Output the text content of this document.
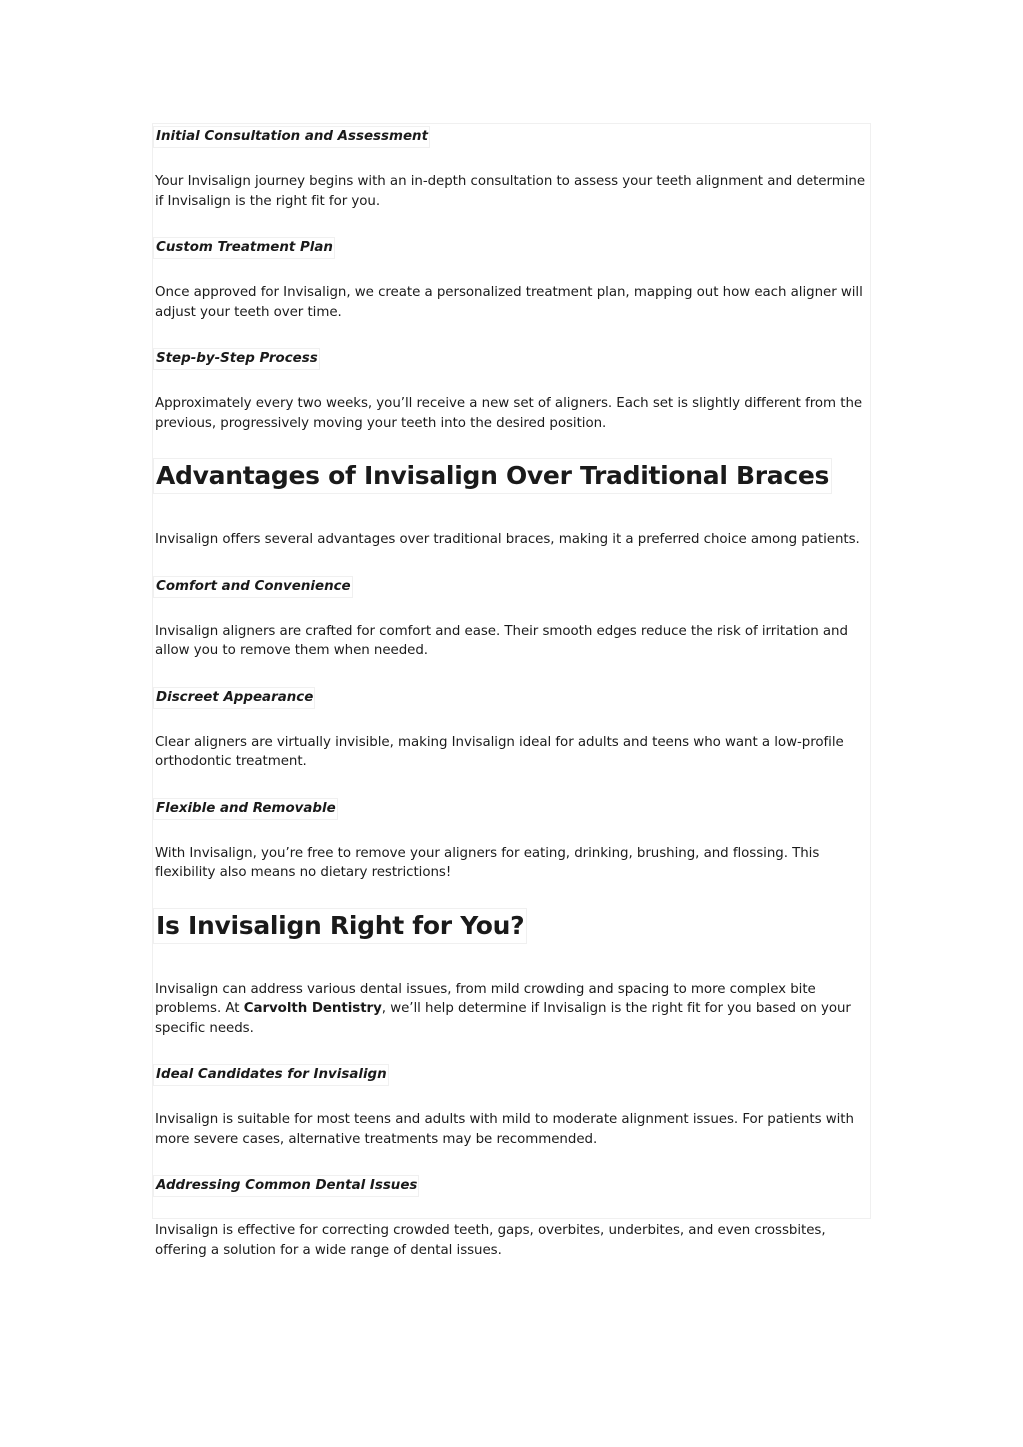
Initial Consultation and Assessment

Your Invisalign journey begins with an in-depth consultation to assess your teeth alignment and determine if Invisalign is the right fit for you.

Custom Treatment Plan

Once approved for Invisalign, we create a personalized treatment plan, mapping out how each aligner will adjust your teeth over time.

Step-by-Step Process

Approximately every two weeks, you’ll receive a new set of aligners. Each set is slightly different from the previous, progressively moving your teeth into the desired position.

Advantages of Invisalign Over Traditional Braces

Invisalign offers several advantages over traditional braces, making it a preferred choice among patients.

Comfort and Convenience

Invisalign aligners are crafted for comfort and ease. Their smooth edges reduce the risk of irritation and allow you to remove them when needed.

Discreet Appearance

Clear aligners are virtually invisible, making Invisalign ideal for adults and teens who want a low-profile orthodontic treatment.

Flexible and Removable

With Invisalign, you’re free to remove your aligners for eating, drinking, brushing, and flossing. This flexibility also means no dietary restrictions!

Is Invisalign Right for You?

Invisalign can address various dental issues, from mild crowding and spacing to more complex bite problems. At Carvolth Dentistry, we’ll help determine if Invisalign is the right fit for you based on your specific needs.

Ideal Candidates for Invisalign

Invisalign is suitable for most teens and adults with mild to moderate alignment issues. For patients with more severe cases, alternative treatments may be recommended.

Addressing Common Dental Issues

Invisalign is effective for correcting crowded teeth, gaps, overbites, underbites, and even crossbites, offering a solution for a wide range of dental issues.
